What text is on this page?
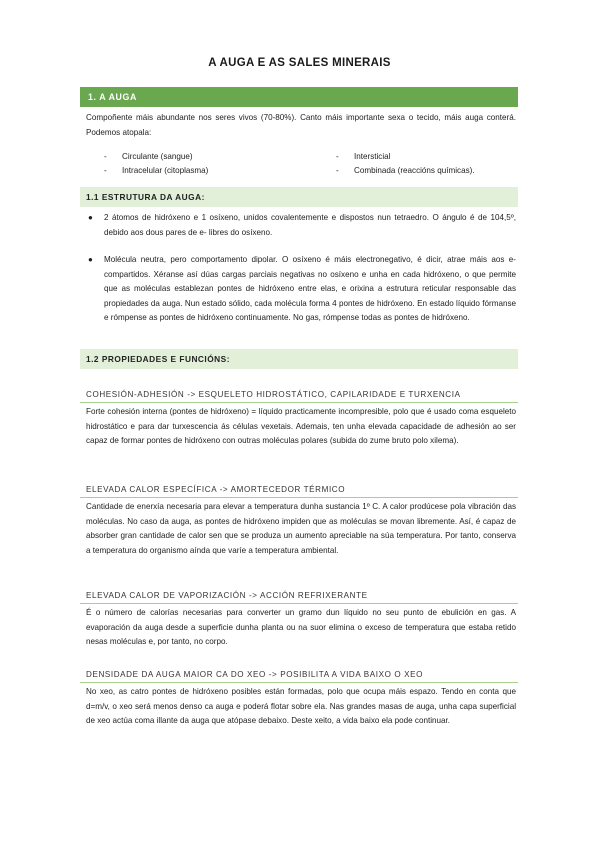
A AUGA E AS SALES MINERAIS
1. A AUGA
Compoñente máis abundante nos seres vivos (70-80%). Canto máis importante sexa o tecido, máis auga conterá. Podemos atopala:
- Circulante (sangue)
- Intracelular (citoplasma)
- Intersticial
- Combinada (reaccións químicas).
1.1 ESTRUTURA DA AUGA:
● 2 átomos de hidróxeno e 1 osíxeno, unidos covalentemente e dispostos nun tetraedro. O ángulo é de 104,5º, debido aos dous pares de e- libres do osíxeno.
● Molécula neutra, pero comportamento dipolar. O osíxeno é máis electronegativo, é dicir, atrae máis aos e- compartidos. Xéranse así dúas cargas parciais negativas no osíxeno e unha en cada hidróxeno, o que permite que as moléculas establezan pontes de hidróxeno entre elas, e orixina a estrutura reticular responsable das propiedades da auga. Nun estado sólido, cada molécula forma 4 pontes de hidróxeno. En estado líquido fórmanse e rómpense as pontes de hidróxeno continuamente. No gas, rómpense todas as pontes de hidróxeno.
1.2 PROPIEDADES E FUNCIÓNS:
COHESIÓN-ADHESIÓN -> ESQUELETO HIDROSTÁTICO, CAPILARIDADE E TURXENCIA
Forte cohesión interna (pontes de hidróxeno) = líquido practicamente incompresible, polo que é usado coma esqueleto hidrostático e para dar turxescencia ás células vexetais. Ademais, ten unha elevada capacidade de adhesión ao ser capaz de formar pontes de hidróxeno con outras moléculas polares (subida do zume bruto polo xilema).
ELEVADA CALOR ESPECÍFICA -> AMORTECEDOR TÉRMICO
Cantidade de enerxía necesaria para elevar a temperatura dunha sustancia 1º C. A calor prodúcese pola vibración das moléculas. No caso da auga, as pontes de hidróxeno impiden que as moléculas se movan libremente. Así, é capaz de absorber gran cantidade de calor sen que se produza un aumento apreciable na súa temperatura. Por tanto, conserva a temperatura do organismo aínda que varíe a temperatura ambiental.
ELEVADA CALOR DE VAPORIZACIÓN -> ACCIÓN REFRIXERANTE
É o número de calorías necesarias para converter un gramo dun líquido no seu punto de ebulición en gas. A evaporación da auga desde a superficie dunha planta ou na suor elimina o exceso de temperatura que estaba retido nesas moléculas e, por tanto, no corpo.
DENSIDADE DA AUGA MAIOR CA DO XEO -> POSIBILITA A VIDA BAIXO O XEO
No xeo, as catro pontes de hidróxeno posibles están formadas, polo que ocupa máis espazo. Tendo en conta que d=m/v, o xeo será menos denso ca auga e poderá flotar sobre ela. Nas grandes masas de auga, unha capa superficial de xeo actúa coma illante da auga que atópase debaixo. Deste xeito, a vida baixo ela pode continuar.
